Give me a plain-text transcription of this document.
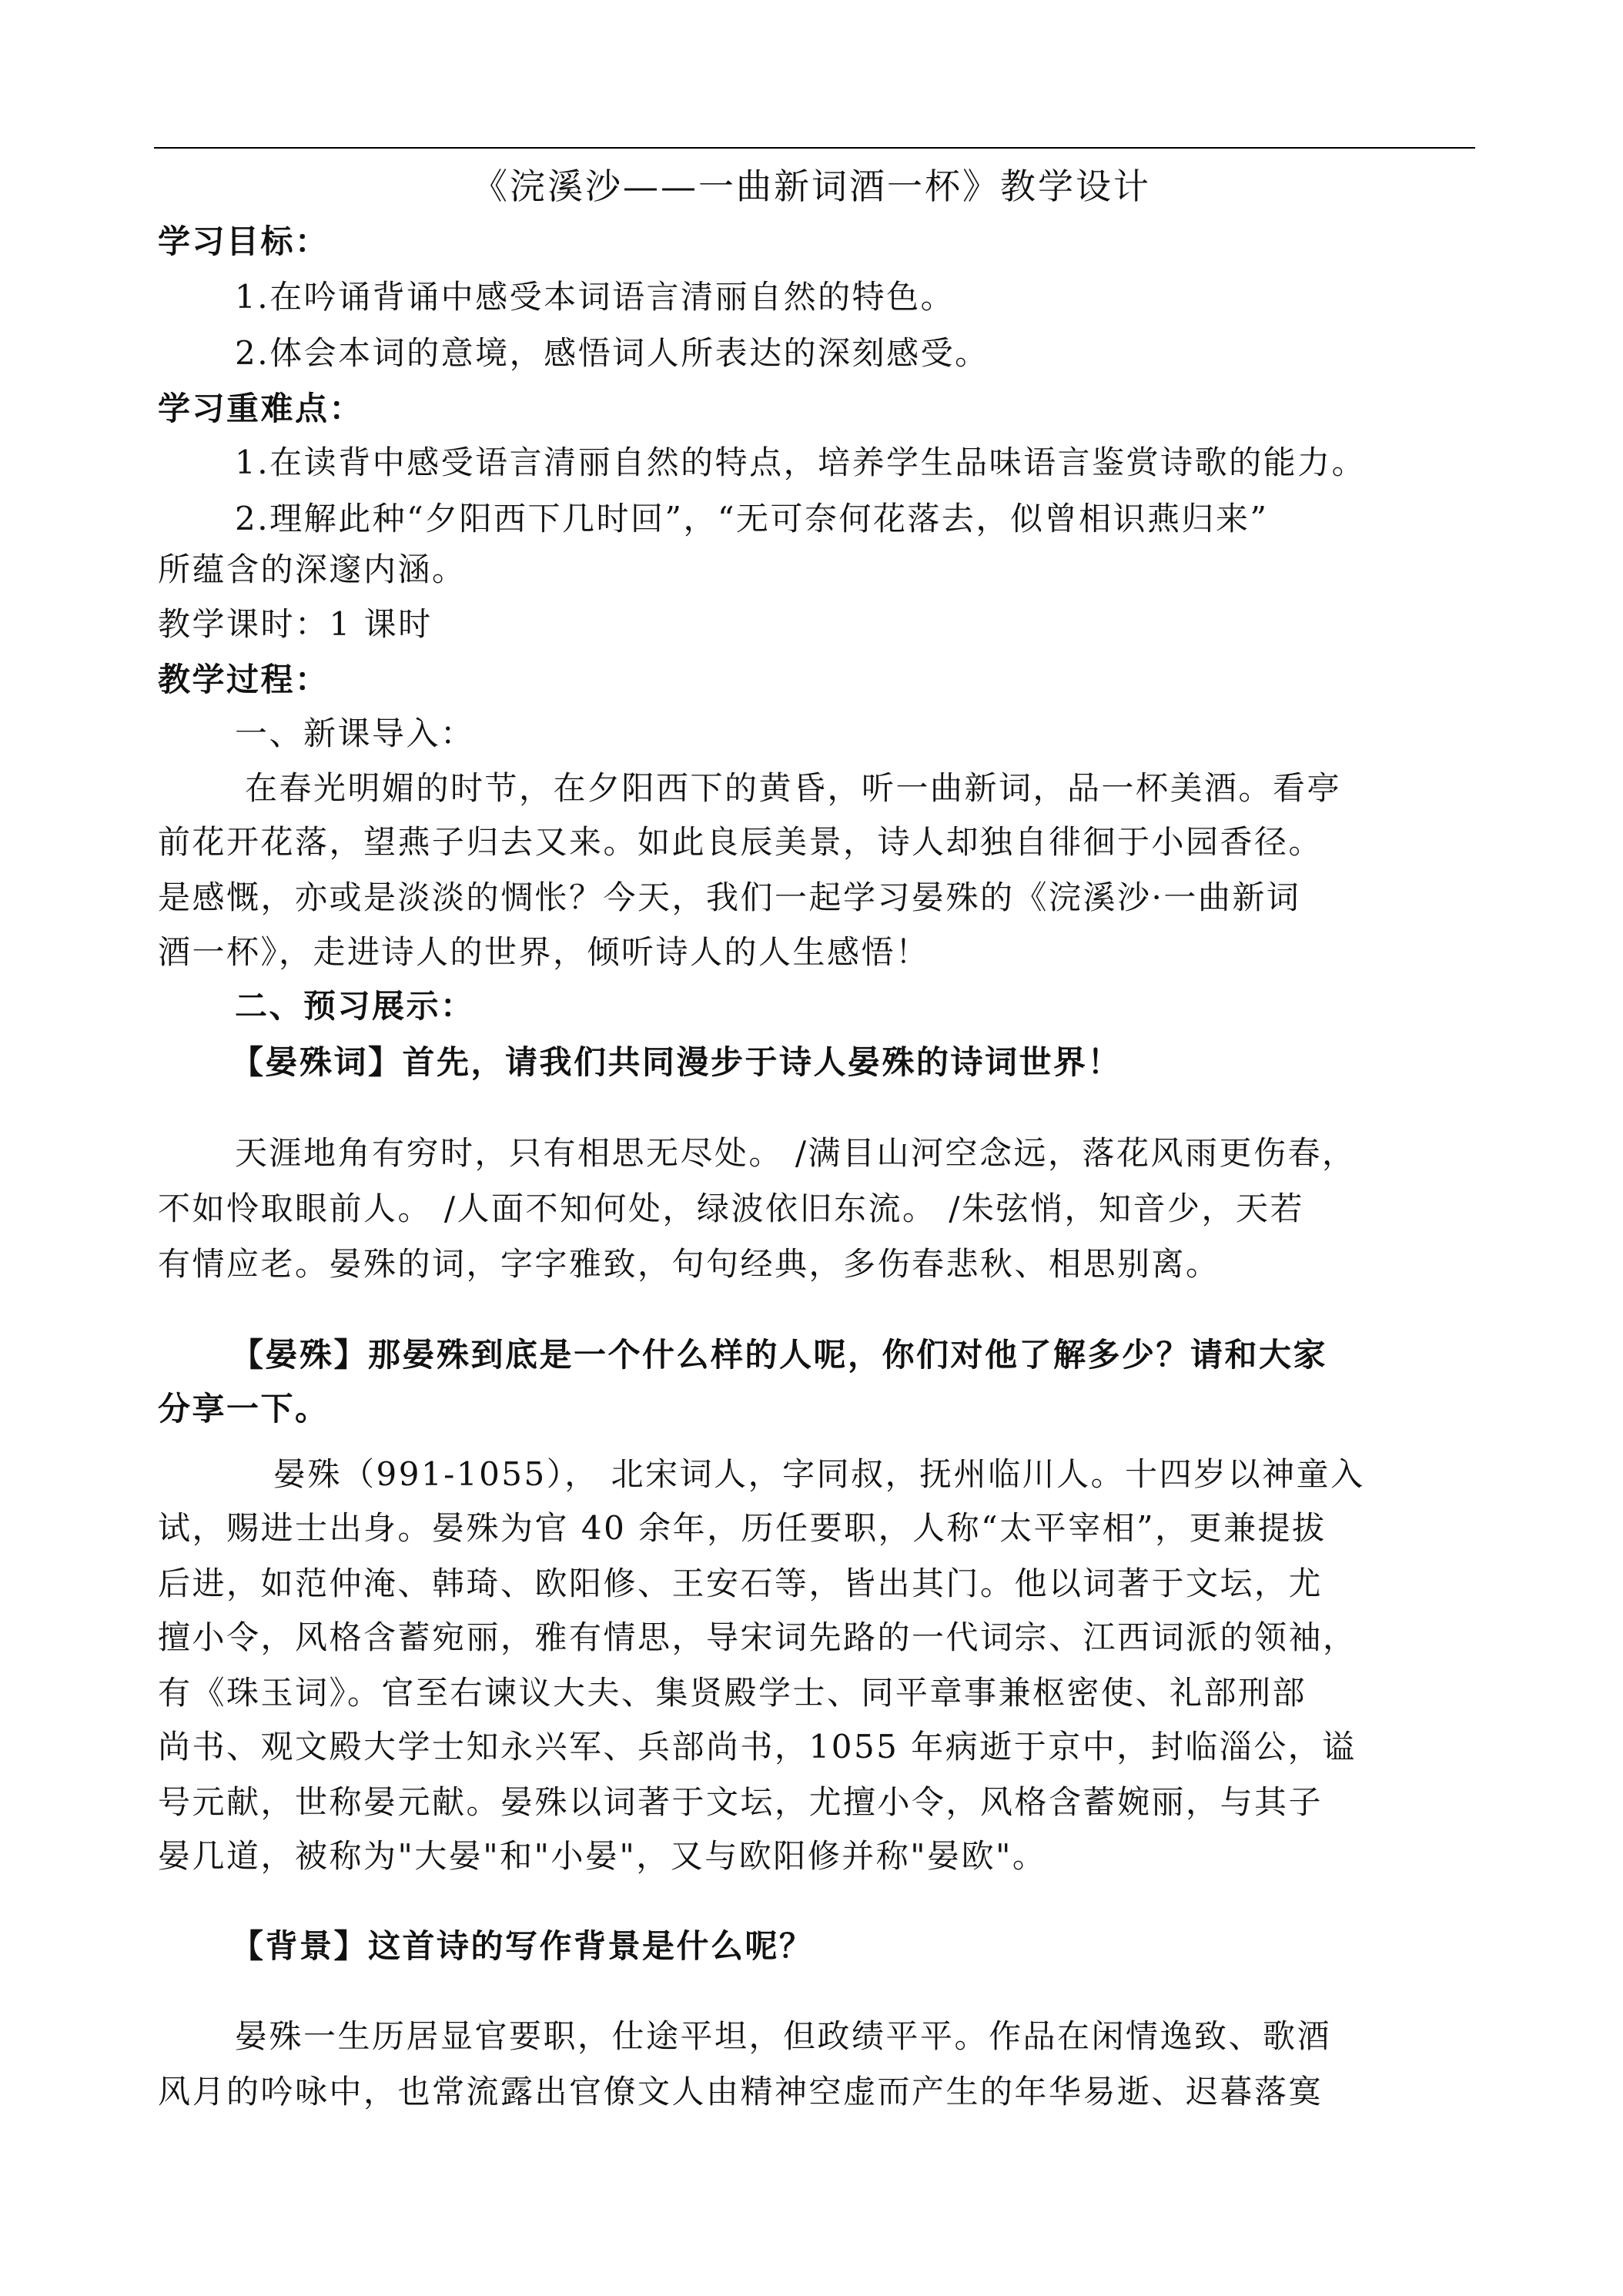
《浣溪沙——一曲新词酒一杯》教学设计
学习目标：
1.在吟诵背诵中感受本词语言清丽自然的特色。
2.体会本词的意境，感悟词人所表达的深刻感受。
学习重难点：
1.在读背中感受语言清丽自然的特点，培养学生品味语言鉴赏诗歌的能力。
2.理解此种“夕阳西下几时回”，“无可奈何花落去，似曾相识燕归来”
所蕴含的深邃内涵。
教学课时：1 课时
教学过程：
一、新课导入：
在春光明媚的时节，在夕阳西下的黄昏，听一曲新词，品一杯美酒。看亭
前花开花落，望燕子归去又来。如此良辰美景，诗人却独自徘徊于小园香径。
是感慨，亦或是淡淡的惆怅？今天，我们一起学习晏殊的《浣溪沙·一曲新词
酒一杯》，走进诗人的世界，倾听诗人的人生感悟！
二、预习展示：
【晏殊词】首先，请我们共同漫步于诗人晏殊的诗词世界！
天涯地角有穷时，只有相思无尽处。 /满目山河空念远，落花风雨更伤春，
不如怜取眼前人。 /人面不知何处，绿波依旧东流。 /朱弦悄，知音少，天若
有情应老。晏殊的词，字字雅致，句句经典，多伤春悲秋、相思别离。
【晏殊】那晏殊到底是一个什么样的人呢，你们对他了解多少？请和大家
分享一下。
晏殊（991-1055）， 北宋词人，字同叔，抚州临川人。十四岁以神童入
试，赐进士出身。晏殊为官 40 余年，历任要职，人称“太平宰相”，更兼提拔
后进，如范仲淹、韩琦、欧阳修、王安石等，皆出其门。他以词著于文坛，尤
擅小令，风格含蓄宛丽，雅有情思，导宋词先路的一代词宗、江西词派的领袖，
有《珠玉词》。官至右谏议大夫、集贤殿学士、同平章事兼枢密使、礼部刑部
尚书、观文殿大学士知永兴军、兵部尚书，1055 年病逝于京中，封临淄公，谥
号元献，世称晏元献。晏殊以词著于文坛，尤擅小令，风格含蓄婉丽，与其子
晏几道，被称为"大晏"和"小晏"，又与欧阳修并称"晏欧"。
【背景】这首诗的写作背景是什么呢？
晏殊一生历居显官要职，仕途平坦，但政绩平平。作品在闲情逸致、歌酒
风月的吟咏中，也常流露出官僚文人由精神空虚而产生的年华易逝、迟暮落寞
